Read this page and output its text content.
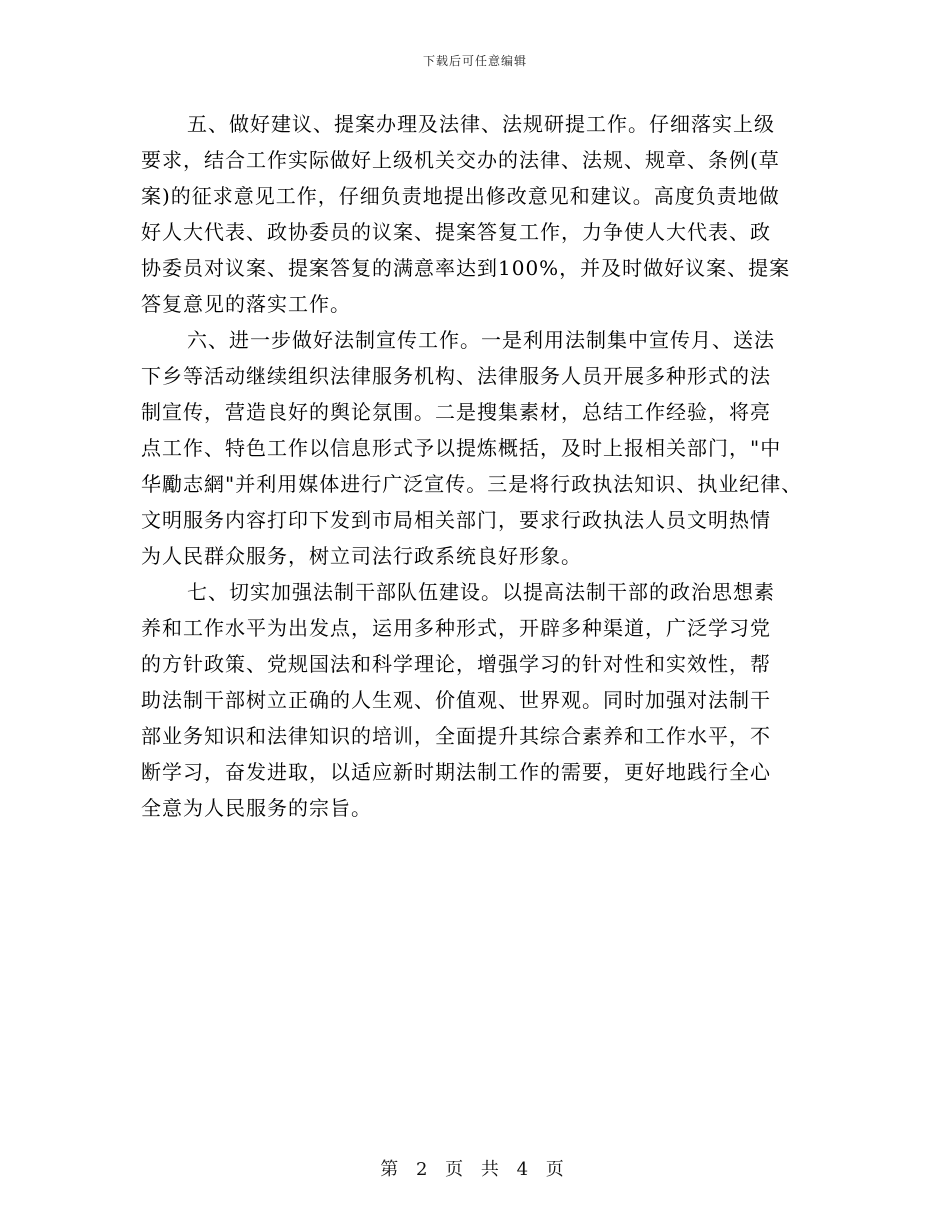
下载后可任意编辑
五、做好建议、提案办理及法律、法规研提工作。仔细落实上级
要求，结合工作实际做好上级机关交办的法律、法规、规章、条例(草
案)的征求意见工作，仔细负责地提出修改意见和建议。高度负责地做
好人大代表、政协委员的议案、提案答复工作，力争使人大代表、政
协委员对议案、提案答复的满意率达到100%，并及时做好议案、提案
答复意见的落实工作。
六、进一步做好法制宣传工作。一是利用法制集中宣传月、送法
下乡等活动继续组织法律服务机构、法律服务人员开展多种形式的法
制宣传，营造良好的舆论氛围。二是搜集素材，总结工作经验，将亮
点工作、特色工作以信息形式予以提炼概括，及时上报相关部门，"中
华勵志網"并利用媒体进行广泛宣传。三是将行政执法知识、执业纪律、
文明服务内容打印下发到市局相关部门，要求行政执法人员文明热情
为人民群众服务，树立司法行政系统良好形象。
七、切实加强法制干部队伍建设。以提高法制干部的政治思想素
养和工作水平为出发点，运用多种形式，开辟多种渠道，广泛学习党
的方针政策、党规国法和科学理论，增强学习的针对性和实效性，帮
助法制干部树立正确的人生观、价值观、世界观。同时加强对法制干
部业务知识和法律知识的培训，全面提升其综合素养和工作水平，不
断学习，奋发进取，以适应新时期法制工作的需要，更好地践行全心
全意为人民服务的宗旨。
第 2 页 共 4 页
